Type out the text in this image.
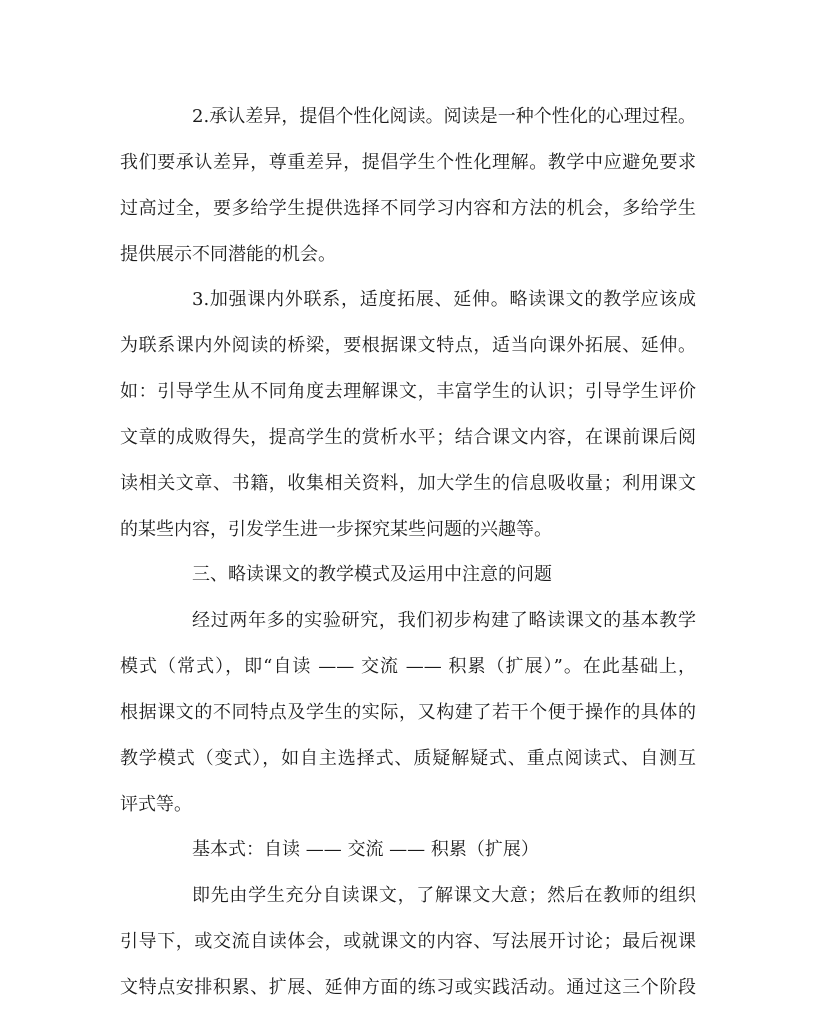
2.承认差异，提倡个性化阅读。阅读是一种个性化的心理过程。
我们要承认差异，尊重差异，提倡学生个性化理解。教学中应避免要求
过高过全，要多给学生提供选择不同学习内容和方法的机会，多给学生
提供展示不同潜能的机会。
3.加强课内外联系，适度拓展、延伸。略读课文的教学应该成
为联系课内外阅读的桥梁，要根据课文特点，适当向课外拓展、延伸。
如：引导学生从不同角度去理解课文，丰富学生的认识；引导学生评价
文章的成败得失，提高学生的赏析水平；结合课文内容，在课前课后阅
读相关文章、书籍，收集相关资料，加大学生的信息吸收量；利用课文
的某些内容，引发学生进一步探究某些问题的兴趣等。
三、略读课文的教学模式及运用中注意的问题
经过两年多的实验研究，我们初步构建了略读课文的基本教学
模式（常式），即“自读 —— 交流 —— 积累（扩展）”。在此基础上，
根据课文的不同特点及学生的实际，又构建了若干个便于操作的具体的
教学模式（变式），如自主选择式、质疑解疑式、重点阅读式、自测互
评式等。
基本式：自读 —— 交流 —— 积累（扩展）
即先由学生充分自读课文，了解课文大意；然后在教师的组织
引导下，或交流自读体会，或就课文的内容、写法展开讨论；最后视课
文特点安排积累、扩展、延伸方面的练习或实践活动。通过这三个阶段
